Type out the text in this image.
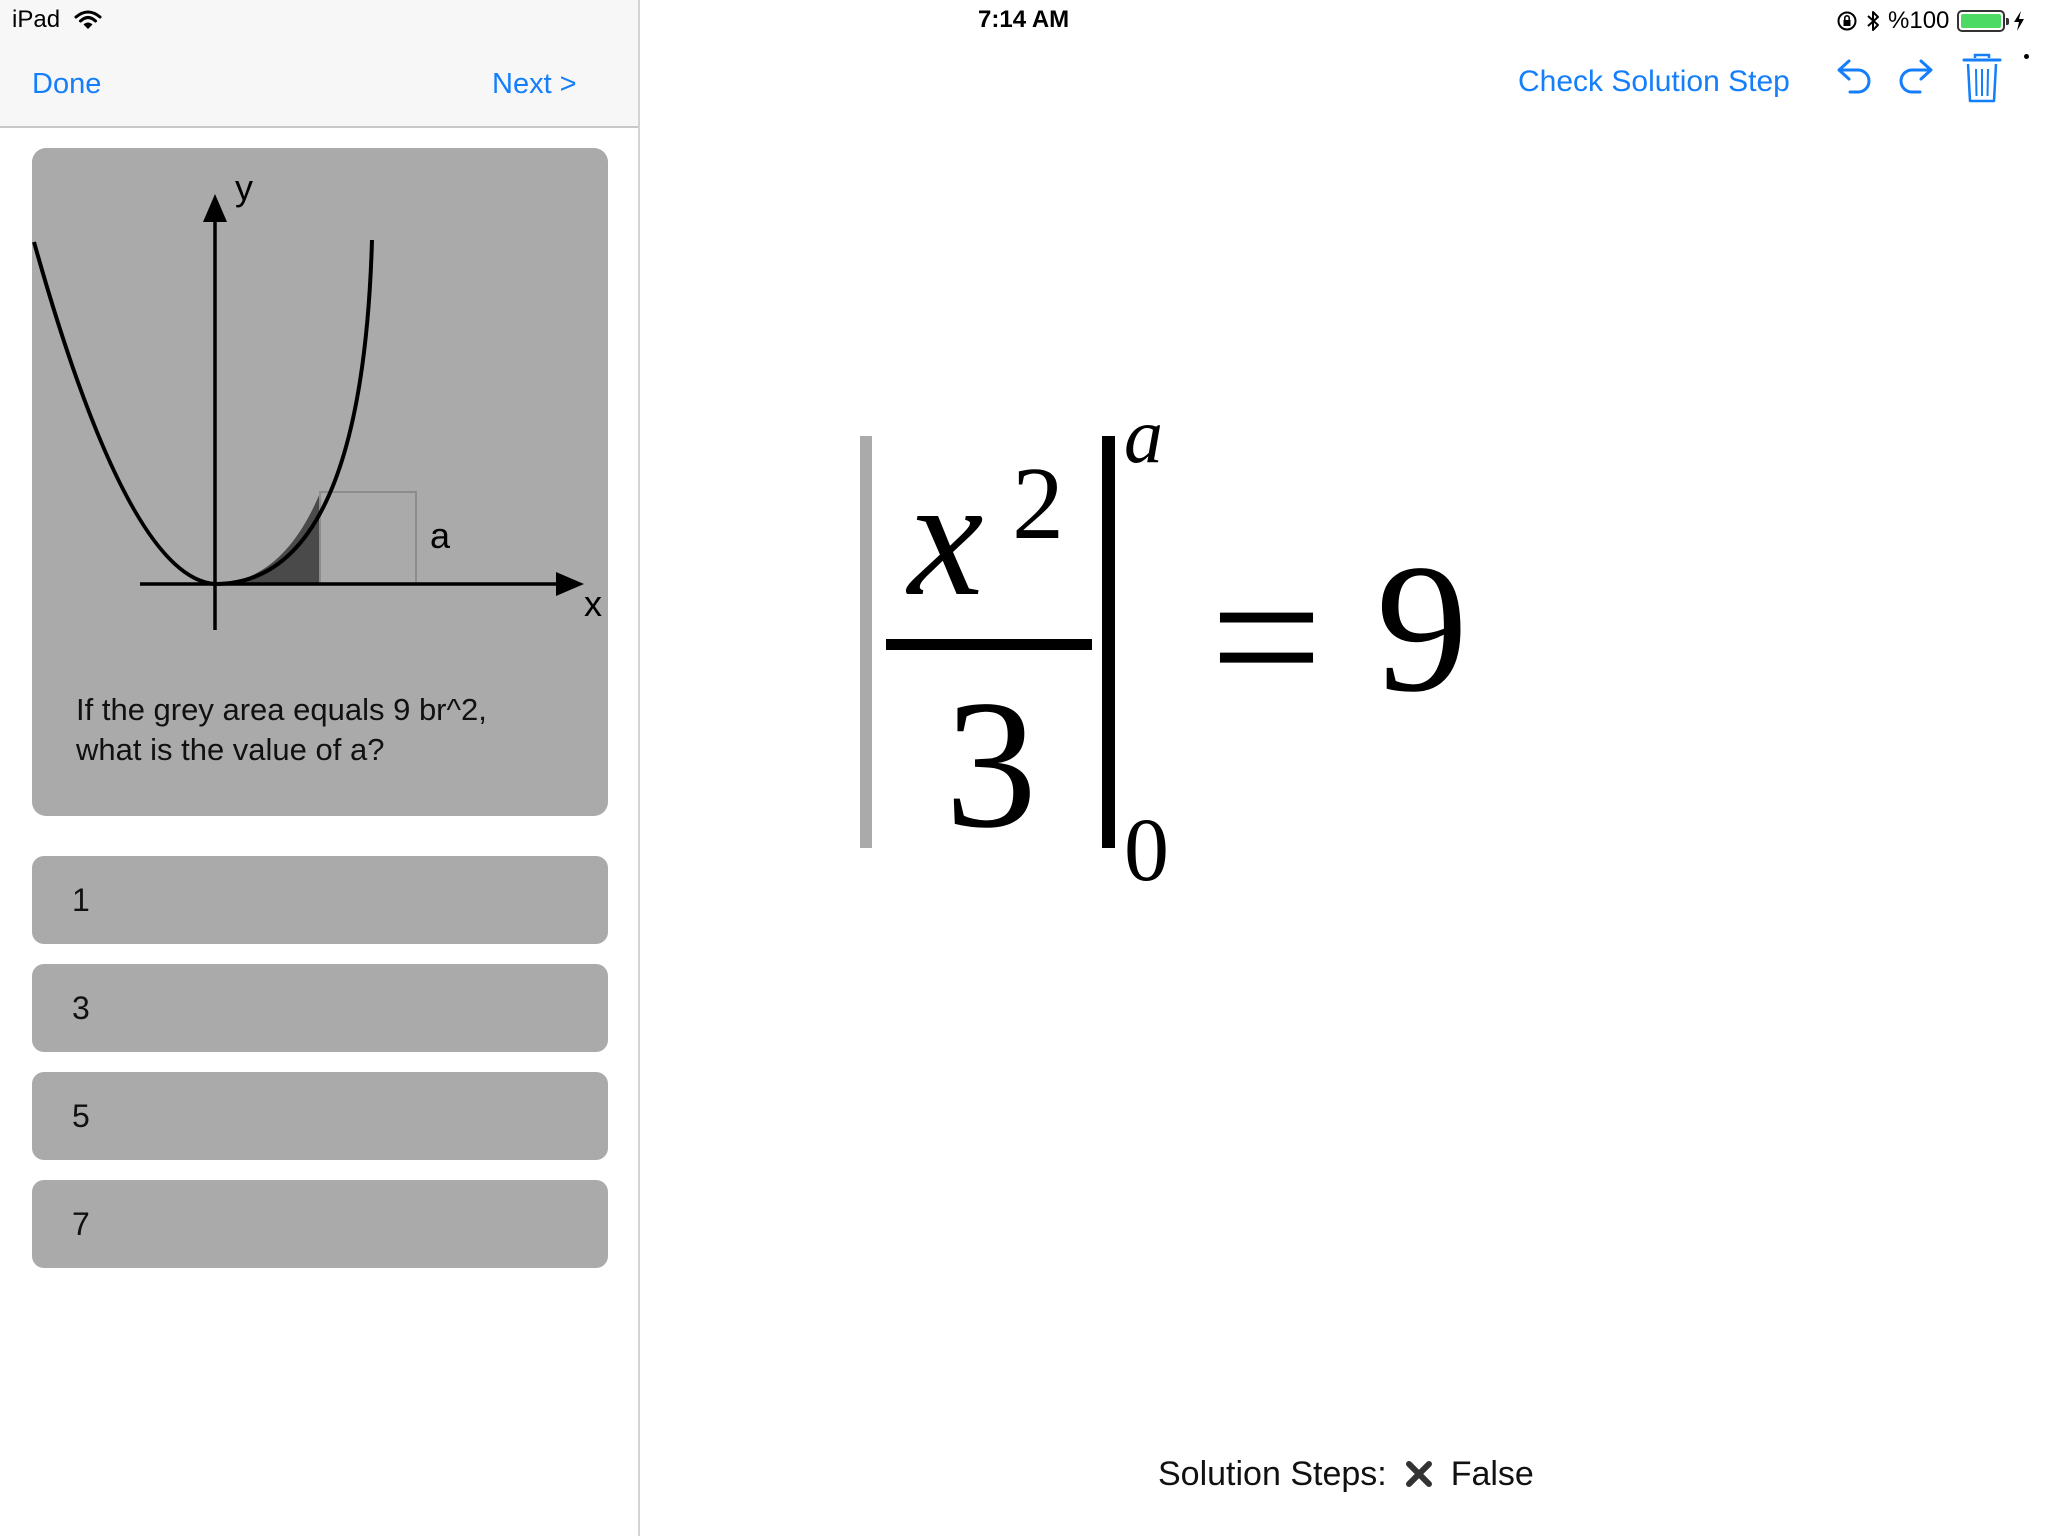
Done	Next >
y
x
a
If the grey area equals 9 br^2,
what is the value of a?
1
3
5
7
iPad	7:14 AM	%100
Check Solution Step
x 2
3
a
0
= 9
Solution Steps: False
